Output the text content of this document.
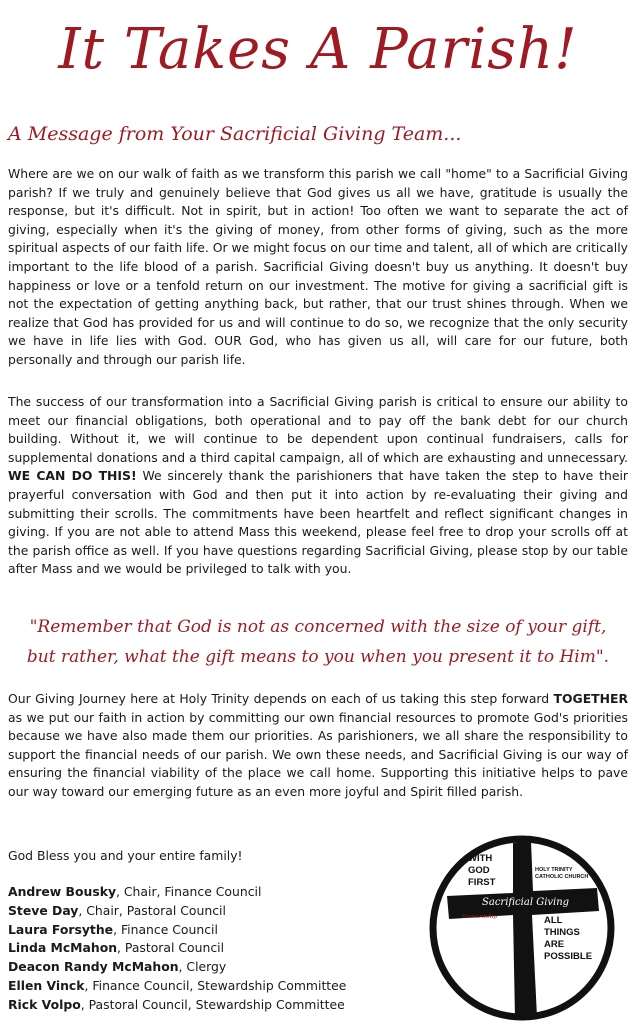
It Takes A Parish!
A Message from Your Sacrificial Giving Team...

Where are we on our walk of faith as we transform this parish we call "home" to a Sacrificial Giving parish? If we truly and genuinely believe that God gives us all we have, gratitude is usually the response, but it's difficult. Not in spirit, but in action! Too often we want to separate the act of giving, especially when it's the giving of money, from other forms of giving, such as the more spiritual aspects of our faith life. Or we might focus on our time and talent, all of which are critically important to the life blood of a parish. Sacrificial Giving doesn't buy us anything. It doesn't buy happiness or love or a tenfold return on our investment. The motive for giving a sacrificial gift is not the expectation of getting anything back, but rather, that our trust shines through. When we realize that God has provided for us and will continue to do so, we recognize that the only security we have in life lies with God. OUR God, who has given us all, will care for our future, both personally and through our parish life.

The success of our transformation into a Sacrificial Giving parish is critical to ensure our ability to meet our financial obligations, both operational and to pay off the bank debt for our church building. Without it, we will continue to be dependent upon continual fundraisers, calls for supplemental donations and a third capital campaign, all of which are exhausting and unnecessary. WE CAN DO THIS! We sincerely thank the parishioners that have taken the step to have their prayerful conversation with God and then put it into action by re-evaluating their giving and submitting their scrolls. The commitments have been heartfelt and reflect significant changes in giving. If you are not able to attend Mass this weekend, please feel free to drop your scrolls off at the parish office as well. If you have questions regarding Sacrificial Giving, please stop by our table after Mass and we would be privileged to talk with you.

"Remember that God is not as concerned with the size of your gift,
but rather, what the gift means to you when you present it to Him".

Our Giving Journey here at Holy Trinity depends on each of us taking this step forward TOGETHER as we put our faith in action by committing our own financial resources to promote God's priorities because we have also made them our priorities. As parishioners, we all share the responsibility to support the financial needs of our parish. We own these needs, and Sacrificial Giving is our way of ensuring the financial viability of the place we call home. Supporting this initiative helps to pave our way toward our emerging future as an even more joyful and Spirit filled parish.

God Bless you and your entire family!
Andrew Bousky, Chair, Finance Council
Steve Day, Chair, Pastoral Council
Laura Forsythe, Finance Council
Linda McMahon, Pastoral Council
Deacon Randy McMahon, Clergy
Ellen Vinck, Finance Council, Stewardship Committee
Rick Volpo, Pastoral Council, Stewardship Committee
WITH
GOD
FIRST
HOLY TRINITY
CATHOLIC CHURCH
Sacrificial Giving
Stewardship	ALL
THINGS
ARE
POSSIBLE
